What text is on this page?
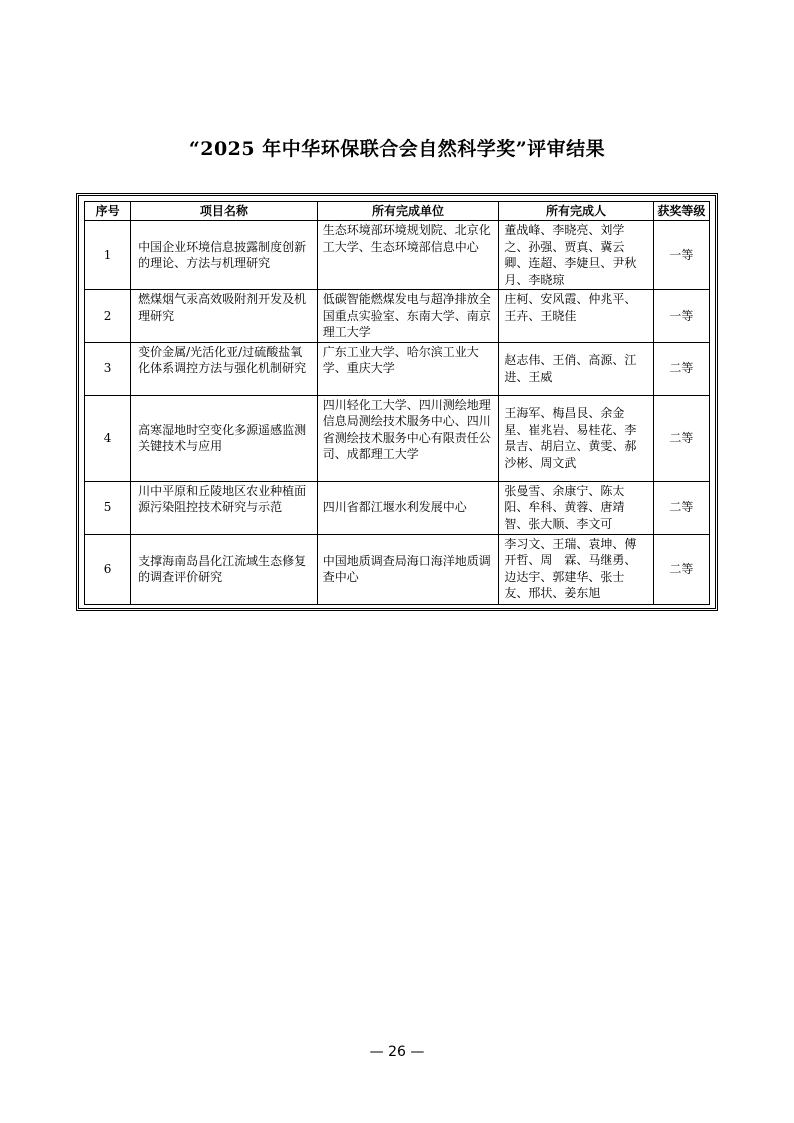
“2025 年中华环保联合会自然科学奖”评审结果
序号	项目名称	所有完成单位	所有完成人	获奖等级
1	中国企业环境信息披露制度创新的理论、方法与机理研究	生态环境部环境规划院、北京化工大学、生态环境部信息中心	董战峰、李晓亮、刘学之、孙强、贾真、冀云卿、连超、李婕旦、尹秋月、李晓琼	一等
2	燃煤烟气汞高效吸附剂开发及机理研究	低碳智能燃煤发电与超净排放全国重点实验室、东南大学、南京理工大学	庄柯、安风霞、仲兆平、王卉、王晓佳	一等
3	变价金属/光活化亚/过硫酸盐氧化体系调控方法与强化机制研究	广东工业大学、哈尔滨工业大学、重庆大学	赵志伟、王俏、高源、江进、王威	二等
4	高寒湿地时空变化多源遥感监测关键技术与应用	四川轻化工大学、四川测绘地理信息局测绘技术服务中心、四川省测绘技术服务中心有限责任公司、成都理工大学	王海军、梅昌艮、余金星、崔兆岩、易桂花、李景吉、胡启立、黄雯、郝沙彬、周文武	二等
5	川中平原和丘陵地区农业种植面源污染阻控技术研究与示范	四川省都江堰水利发展中心	张曼雪、余康宁、陈太阳、牟科、黄蓉、唐靖智、张大顺、李文可	二等
6	支撑海南岛昌化江流域生态修复的调查评价研究	中国地质调查局海口海洋地质调查中心	李习文、王瑞、袁坤、傅开哲、周　霖、马继勇、边达宇、郭建华、张士友、邢状、姜东旭	二等
— 26 —
